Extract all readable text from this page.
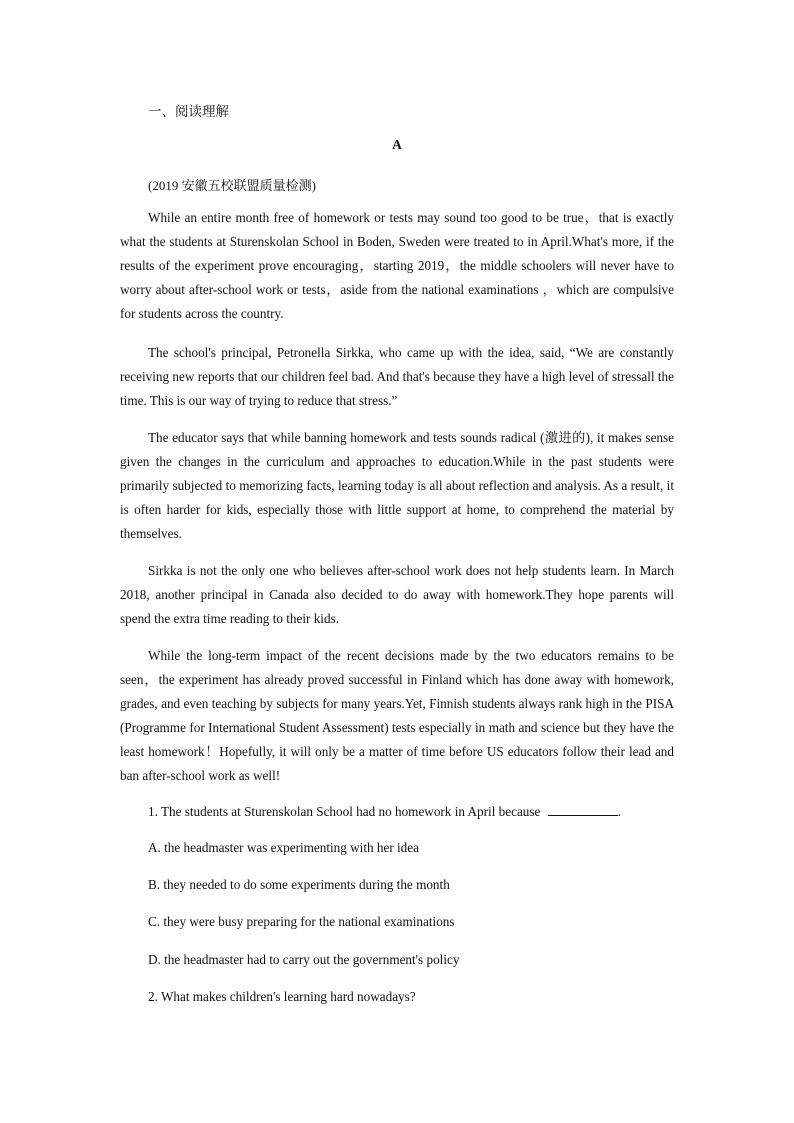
一、阅读理解
A
(2019 安徽五校联盟质量检测)

While an entire month free of homework or tests may sound too good to be true，that is exactly what the students at Sturenskolan School in Boden, Sweden were treated to in April.What's more, if the results of the experiment prove encouraging，starting 2019，the middle schoolers will never have to worry about after-school work or tests，aside from the national examinations ，which are compulsive for students across the country.

The school's principal, Petronella Sirkka, who came up with the idea, said, “We are constantly receiving new reports that our children feel bad. And that's because they have a high level of stressall the time. This is our way of trying to reduce that stress.”

The educator says that while banning homework and tests sounds radical (激进的), it makes sense given the changes in the curriculum and approaches to education.While in the past students were primarily subjected to memorizing facts, learning today is all about reflection and analysis. As a result, it is often harder for kids, especially those with little support at home, to comprehend the material by themselves.

Sirkka is not the only one who believes after-school work does not help students learn. In March 2018, another principal in Canada also decided to do away with homework.They hope parents will spend the extra time reading to their kids.

While the long-term impact of the recent decisions made by the two educators remains to be seen，the experiment has already proved successful in Finland which has done away with homework, grades, and even teaching by subjects for many years.Yet, Finnish students always rank high in the PISA (Programme for International Student Assessment) tests especially in math and science but they have the least homework！Hopefully, it will only be a matter of time before US educators follow their lead and ban after-school work as well!

1. The students at Sturenskolan School had no homework in April because	.
A. the headmaster was experimenting with her idea
B. they needed to do some experiments during the month
C. they were busy preparing for the national examinations
D. the headmaster had to carry out the government's policy
2. What makes children's learning hard nowadays?
